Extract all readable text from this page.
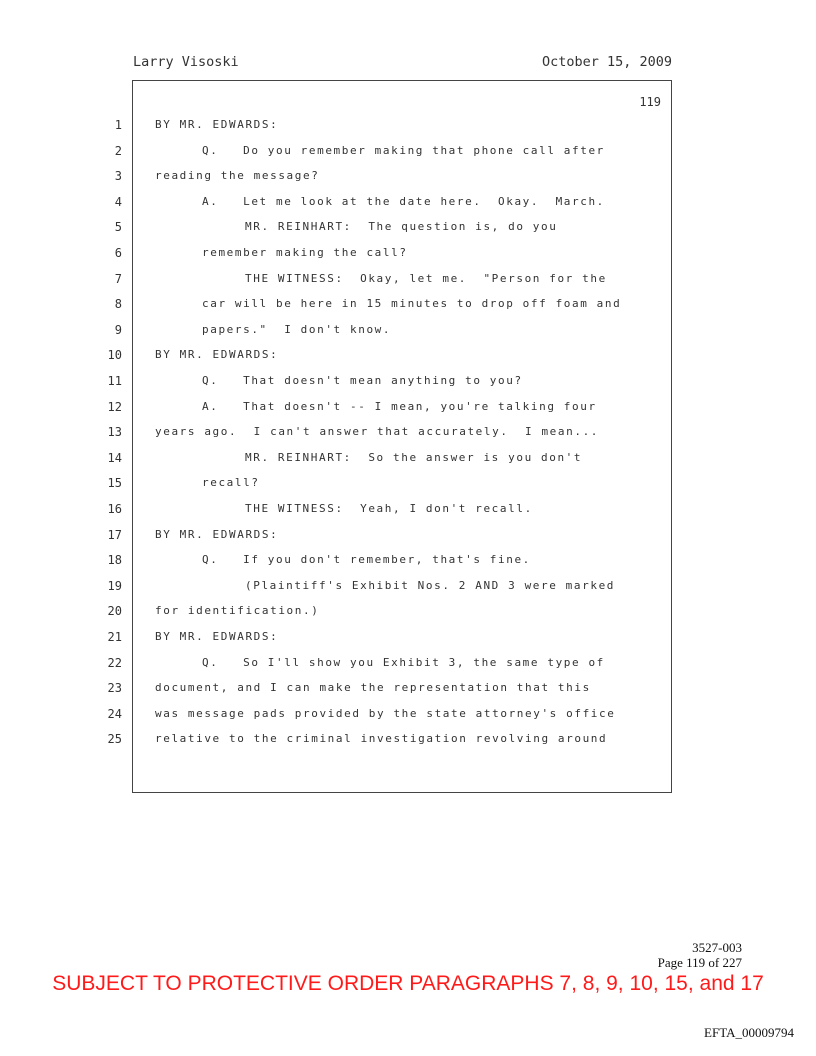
Larry Visoski	October 15, 2009
119
1	BY MR. EDWARDS:
2	Q.   Do you remember making that phone call after
3	reading the message?
4	A.   Let me look at the date here.  Okay.  March.
5	MR. REINHART:  The question is, do you
6	remember making the call?
7	THE WITNESS:  Okay, let me.  "Person for the
8	car will be here in 15 minutes to drop off foam and
9	papers."  I don't know.
10	BY MR. EDWARDS:
11	Q.   That doesn't mean anything to you?
12	A.   That doesn't -- I mean, you're talking four
13	years ago.  I can't answer that accurately.  I mean...
14	MR. REINHART:  So the answer is you don't
15	recall?
16	THE WITNESS:  Yeah, I don't recall.
17	BY MR. EDWARDS:
18	Q.   If you don't remember, that's fine.
19	(Plaintiff's Exhibit Nos. 2 AND 3 were marked
20	for identification.)
21	BY MR. EDWARDS:
22	Q.   So I'll show you Exhibit 3, the same type of
23	document, and I can make the representation that this
24	was message pads provided by the state attorney's office
25	relative to the criminal investigation revolving around
3527-003
Page 119 of 227
SUBJECT TO PROTECTIVE ORDER PARAGRAPHS 7, 8, 9, 10, 15, and 17
EFTA_00009794
